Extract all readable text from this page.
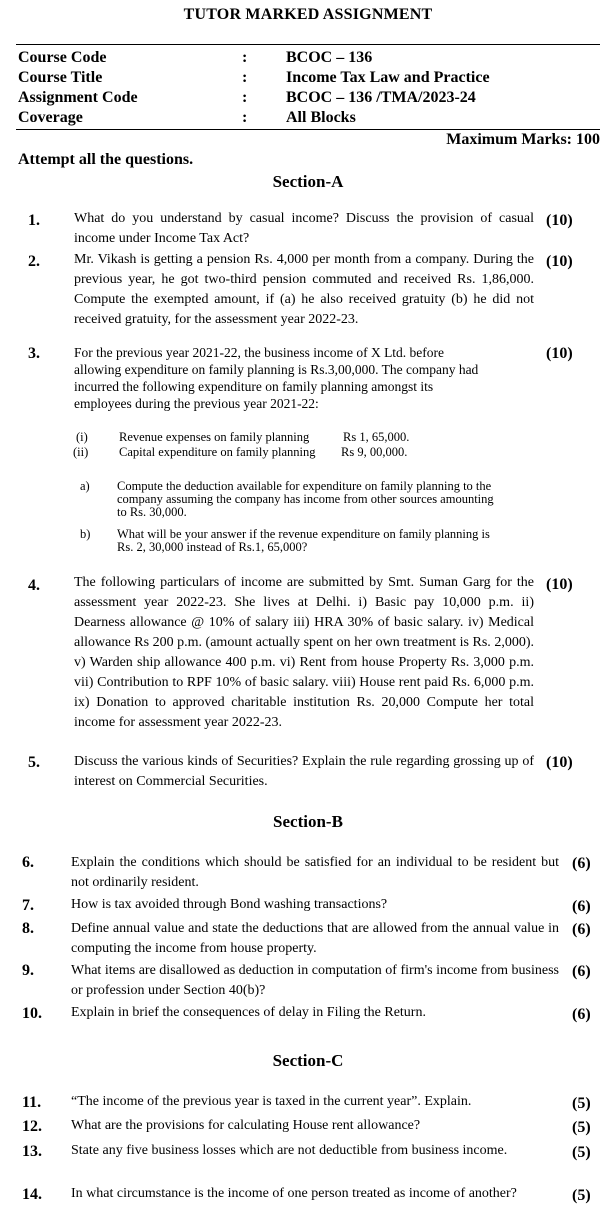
TUTOR MARKED ASSIGNMENT
Course Code	: BCOC – 136
Course Title	: Income Tax Law and Practice
Assignment Code	: BCOC – 136 /TMA/2023-24
Coverage	: All Blocks
Maximum Marks: 100
Attempt all the questions.
Section-A
1. What do you understand by casual income? Discuss the provision of casual income under Income Tax Act?
(10)
2. Mr. Vikash is getting a pension Rs. 4,000 per month from a company. During the previous year, he got two-third pension commuted and received Rs. 1,86,000. Compute the exempted amount, if (a) he also received gratuity (b) he did not received gratuity, for the assessment year 2022-23.
(10)
3.	For the previous year 2021-22, the business income of X Ltd. before
allowing expenditure on family planning is Rs.3,00,000. The company had
incurred the following expenditure on family planning amongst its
employees during the previous year 2021-22:
(10)
(i) Revenue expenses on family planning	Rs 1, 65,000.
(ii) Capital expenditure on family planning Rs 9, 00,000.
a) Compute the deduction available for expenditure on family planning to the
company assuming the company has income from other sources amounting
to Rs. 30,000.
b) What will be your answer if the revenue expenditure on family planning is
Rs. 2, 30,000 instead of Rs.1, 65,000?
4. The following particulars of income are submitted by Smt. Suman Garg for the assessment year 2022-23. She lives at Delhi. i) Basic pay 10,000 p.m. ii) Dearness allowance @ 10% of salary iii) HRA 30% of basic salary. iv) Medical allowance Rs 200 p.m. (amount actually spent on her own treatment is Rs. 2,000). v) Warden ship allowance 400 p.m. vi) Rent from house Property Rs. 3,000 p.m. vii) Contribution to RPF 10% of basic salary. viii) House rent paid Rs. 6,000 p.m. ix) Donation to approved charitable institution Rs. 20,000 Compute her total income for assessment year 2022-23.
(10)
5. Discuss the various kinds of Securities? Explain the rule regarding grossing up of interest on Commercial Securities.
(10)
Section-B
6.	Explain the conditions which should be satisfied for an individual to be resident but not ordinarily resident.
(6)
7.	How is tax avoided through Bond washing transactions?	(6)
8.	Define annual value and state the deductions that are allowed from the annual value in computing the income from house property.
(6)
9.	What items are disallowed as deduction in computation of firm's income from business or profession under Section 40(b)?
(6)
10. Explain in brief the consequences of delay in Filing the Return.	(6)
Section-C
11. “The income of the previous year is taxed in the current year”. Explain.	(5)
12. What are the provisions for calculating House rent allowance?	(5)
13. State any five business losses which are not deductible from business income.	(5)
14. In what circumstance is the income of one person treated as income of another?	(5)
